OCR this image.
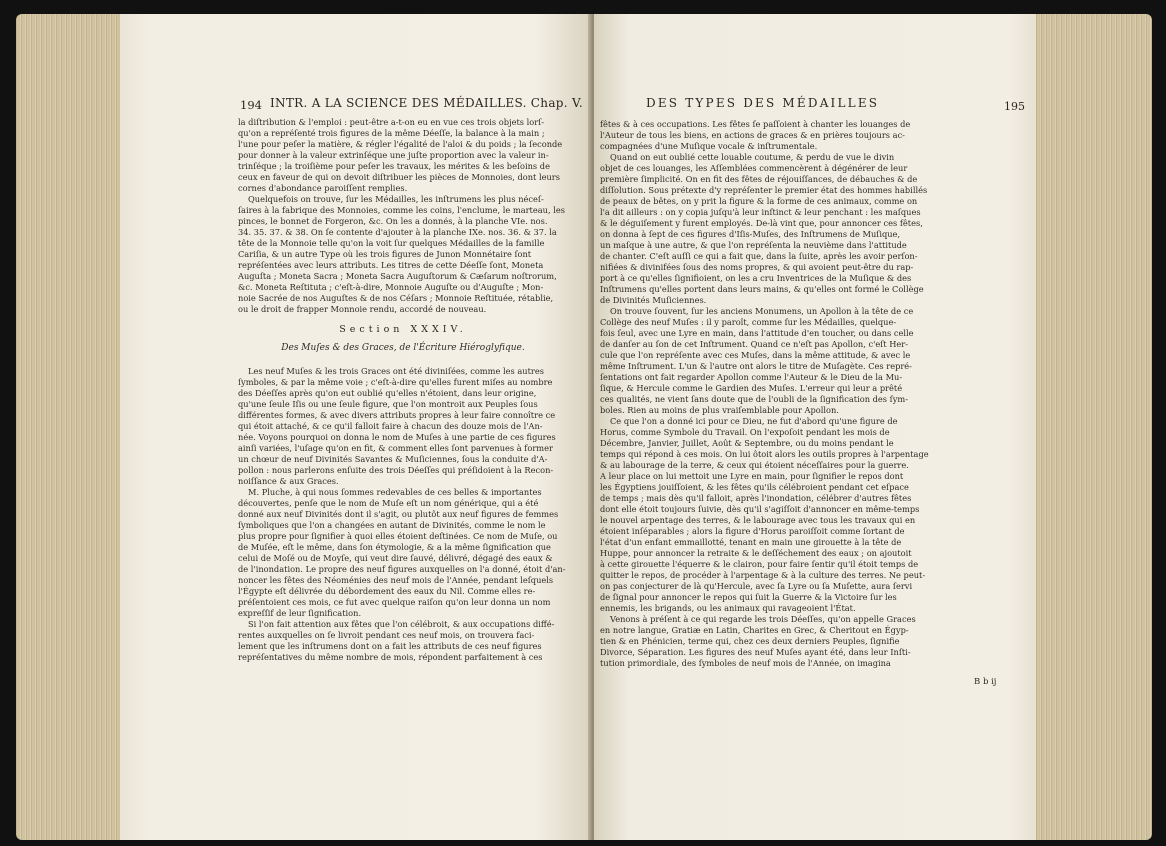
194 INTR. A LA SCIENCE DES MÉDAILLES. Chap. V.
la diſtribution & l'emploi : peut-être a-t-on eu en vue ces trois objets lorſ-
qu'on a repréſenté trois figures de la même Déeſſe, la balance à la main ;
l'une pour peſer la matière, & régler l'égalité de l'aloi & du poids ; la ſeconde
pour donner à la valeur extrinſéque une juſte proportion avec la valeur in-
trinſéque ; la troiſième pour peſer les travaux, les mérites & les beſoins de
ceux en faveur de qui on devoit diſtribuer les pièces de Monnoies, dont leurs
cornes d'abondance paroiſſent remplies.
Quelquefois on trouve, ſur les Médailles, les inſtrumens les plus néceſ-
ſaires à la fabrique des Monnoies, comme les coins, l'enclume, le marteau, les
pinces, le bonnet de Forgeron, &c. On les a donnés, à la planche VIe. nos.
34. 35. 37. & 38. On ſe contente d'ajouter à la planche IXe. nos. 36. & 37. la
tête de la Monnoie telle qu'on la voit ſur quelques Médailles de la famille
Cariſia, & un autre Type où les trois figures de Junon Monnétaire ſont
repréſentées avec leurs attributs. Les titres de cette Déeſſe ſont, Moneta
Auguſta ; Moneta Sacra ; Moneta Sacra Auguſtorum & Cæſarum noſtrorum,
&c. Moneta Reſtituta ; c'eſt-à-dire, Monnoie Auguſte ou d'Auguſte ; Mon-
noie Sacrée de nos Auguſtes & de nos Céſars ; Monnoie Reſtituée, rétablie,
ou le droit de frapper Monnoie rendu, accordé de nouveau.
Section XXXIV.
Des Muſes & des Graces, de l'Écriture Hiéroglyfique.
Les neuf Muſes & les trois Graces ont été diviniſées, comme les autres
ſymboles, & par la même voie ; c'eſt-à-dire qu'elles furent miſes au nombre
des Déeſſes après qu'on eut oublié qu'elles n'étoient, dans leur origine,
qu'une ſeule Iſis ou une ſeule figure, que l'on montroit aux Peuples ſous
différentes formes, & avec divers attributs propres à leur faire connoître ce
qui étoit attaché, & ce qu'il falloit faire à chacun des douze mois de l'An-
née. Voyons pourquoi on donna le nom de Muſes à une partie de ces figures
ainſi variées, l'uſage qu'on en fit, & comment elles ſont parvenues à former
un chœur de neuf Divinités Savantes & Muſiciennes, ſous la conduite d'A-
pollon : nous parlerons enſuite des trois Déeſſes qui préſidoient à la Recon-
noiſſance & aux Graces.
M. Pluche, à qui nous ſommes redevables de ces belles & importantes
découvertes, penſe que le nom de Muſe eſt un nom générique, qui a été
donné aux neuf Divinités dont il s'agit, ou plutôt aux neuf figures de femmes
ſymboliques que l'on a changées en autant de Divinités, comme le nom le
plus propre pour ſignifier à quoi elles étoient deſtinées. Ce nom de Muſe, ou
de Muſée, eſt le même, dans ſon étymologie, & a la même ſignification que
celui de Moſé ou de Moyſe, qui veut dire ſauvé, délivré, dégagé des eaux &
de l'inondation. Le propre des neuf figures auxquelles on l'a donné, étoit d'an-
noncer les fêtes des Néoménies des neuf mois de l'Année, pendant leſquels
l'Égypte eſt délivrée du débordement des eaux du Nil. Comme elles re-
préſentoient ces mois, ce fut avec quelque raiſon qu'on leur donna un nom
expreſſif de leur ſignification.
Si l'on fait attention aux fêtes que l'on célébroit, & aux occupations diffé-
rentes auxquelles on ſe livroit pendant ces neuf mois, on trouvera faci-
lement que les inſtrumens dont on a fait les attributs de ces neuf figures
repréſentatives du même nombre de mois, répondent parfaitement à ces
DES TYPES DES MÉDAILLES	195
fêtes & à ces occupations. Les fêtes ſe paſſoient à chanter les louanges de
l'Auteur de tous les biens, en actions de graces & en prières toujours ac-
compagnées d'une Muſique vocale & inſtrumentale.
Quand on eut oublié cette louable coutume, & perdu de vue le divin
objet de ces louanges, les Aſſemblées commencèrent à dégénérer de leur
première ſimplicité. On en fit des fêtes de réjouiſſances, de débauches & de
diſſolution. Sous prétexte d'y repréſenter le premier état des hommes habillés
de peaux de bêtes, on y prit la figure & la forme de ces animaux, comme on
l'a dit ailleurs : on y copia juſqu'à leur inſtinct & leur penchant : les maſques
& le déguiſement y furent employés. De-là vint que, pour annoncer ces fêtes,
on donna à ſept de ces figures d'Iſis-Muſes, des Inſtrumens de Muſique,
un maſque à une autre, & que l'on repréſenta la neuvième dans l'attitude
de chanter. C'eſt auſſi ce qui a fait que, dans la ſuite, après les avoir perſon-
nifiées & divinifées ſous des noms propres, & qui avoient peut-être du rap-
port à ce qu'elles ſignifioient, on les a cru Inventrices de la Muſique & des
Inſtrumens qu'elles portent dans leurs mains, & qu'elles ont formé le Collège
de Divinités Muſiciennes.
On trouve ſouvent, ſur les anciens Monumens, un Apollon à la tête de ce
Collège des neuf Muſes : il y paroît, comme ſur les Médailles, quelque-
fois ſeul, avec une Lyre en main, dans l'attitude d'en toucher, ou dans celle
de danſer au ſon de cet Inſtrument. Quand ce n'eſt pas Apollon, c'eſt Her-
cule que l'on repréſente avec ces Muſes, dans la même attitude, & avec le
même Inſtrument. L'un & l'autre ont alors le titre de Muſagète. Ces repré-
ſentations ont fait regarder Apollon comme l'Auteur & le Dieu de la Mu-
ſique, & Hercule comme le Gardien des Muſes. L'erreur qui leur a prêté
ces qualités, ne vient ſans doute que de l'oubli de la ſignification des ſym-
boles. Rien au moins de plus vraiſemblable pour Apollon.
Ce que l'on a donné ici pour ce Dieu, ne fut d'abord qu'une figure de
Horus, comme Symbole du Travail. On l'expoſoit pendant les mois de
Décembre, Janvier, Juillet, Août & Septembre, ou du moins pendant le
temps qui répond à ces mois. On lui ôtoit alors les outils propres à l'arpentage
& au labourage de la terre, & ceux qui étoient néceſſaires pour la guerre.
A leur place on lui mettoit une Lyre en main, pour ſignifier le repos dont
les Égyptiens jouiſſoient, & les fêtes qu'ils célébroient pendant cet eſpace
de temps ; mais dès qu'il falloit, après l'inondation, célébrer d'autres fêtes
dont elle étoit toujours ſuivie, dès qu'il s'agiſſoit d'annoncer en même-temps
le nouvel arpentage des terres, & le labourage avec tous les travaux qui en
étoient inſéparables ; alors la figure d'Horus paroiſſoit comme ſortant de
l'état d'un enfant emmaillotté, tenant en main une girouette à la tête de
Huppe, pour annoncer la retraite & le deſſéchement des eaux ; on ajoutoit
à cette girouette l'équerre & le clairon, pour faire ſentir qu'il étoit temps de
quitter le repos, de procéder à l'arpentage & à la culture des terres. Ne peut-
on pas conjecturer de là qu'Hercule, avec ſa Lyre ou ſa Muſette, aura ſervi
de ſignal pour annoncer le repos qui ſuit la Guerre & la Victoire ſur les
ennemis, les brigands, ou les animaux qui ravageoient l'État.
Venons à préſent à ce qui regarde les trois Déeſſes, qu'on appelle Graces
en notre langue, Gratiæ en Latin, Charites en Grec, & Cheritout en Égyp-
tien & en Phénicien, terme qui, chez ces deux derniers Peuples, ſignifie
Divorce, Séparation. Les figures des neuf Muſes ayant été, dans leur Inſti-
tution primordiale, des ſymboles de neuf mois de l'Année, on imagina
B b ij
